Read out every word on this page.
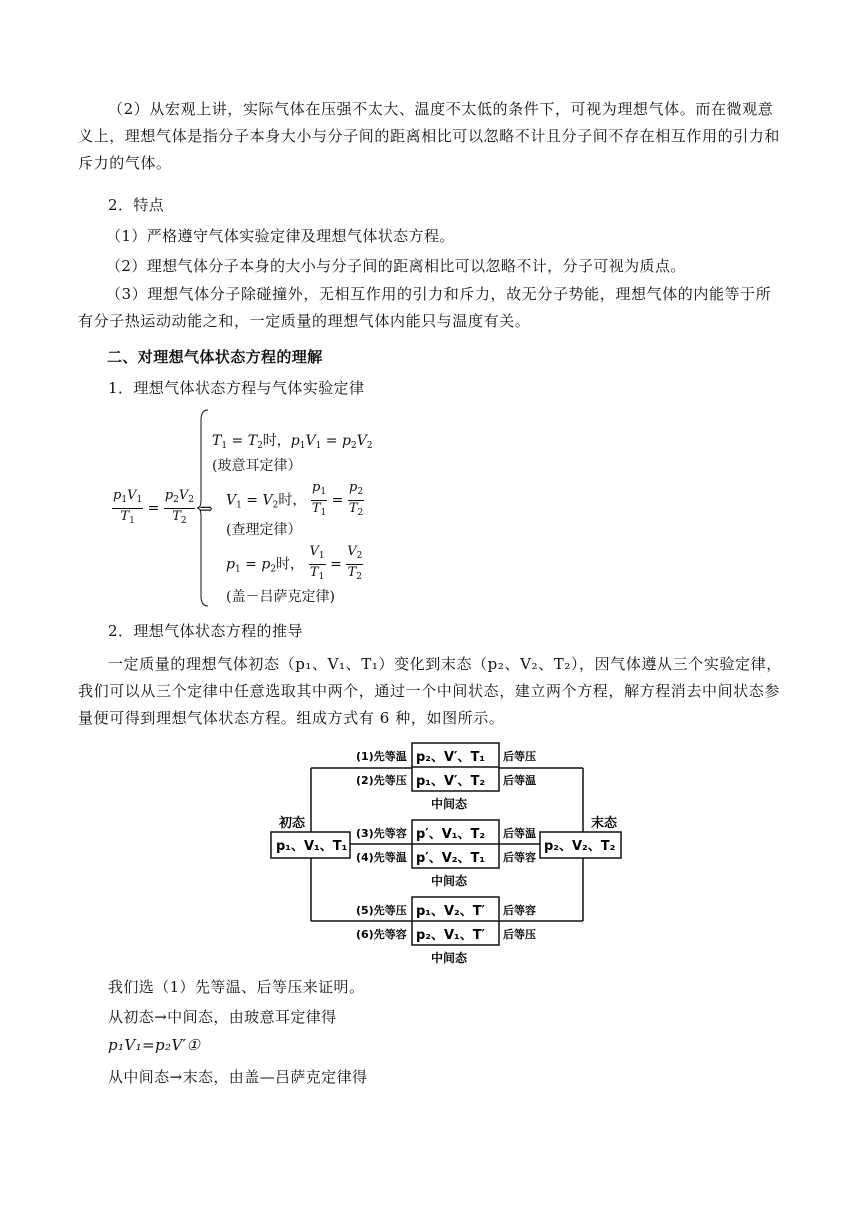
（2）从宏观上讲，实际气体在压强不太大、温度不太低的条件下，可视为理想气体。而在微观意义上，理想气体是指分子本身大小与分子间的距离相比可以忽略不计且分子间不存在相互作用的引力和斥力的气体。
2．特点
（1）严格遵守气体实验定律及理想气体状态方程。
（2）理想气体分子本身的大小与分子间的距离相比可以忽略不计，分子可视为质点。
（3）理想气体分子除碰撞外，无相互作用的引力和斥力，故无分子势能，理想气体的内能等于所有分子热运动动能之和，一定质量的理想气体内能只与温度有关。
二、对理想气体状态方程的理解
1．理想气体状态方程与气体实验定律
$\frac{p_1V_1}{T_1} = \frac{p_2V_2}{T_2}$ ⇒
$T_1 = T_2$时，$p_1V_1 = p_2V_2$
(玻意耳定律）
$V_1 = V_2$时， $\frac{p_1}{T_1} = \frac{p_2}{T_2}$
(查理定律）
$p_1 = p_2$时， $\frac{V_1}{T_1} = \frac{V_2}{T_2}$
(盖－吕萨克定律)
2．理想气体状态方程的推导
一定质量的理想气体初态（p₁、V₁、T₁）变化到末态（p₂、V₂、T₂），因气体遵从三个实验定律，我们可以从三个定律中任意选取其中两个，通过一个中间状态，建立两个方程，解方程消去中间状态参量便可得到理想气体状态方程。组成方式有 6 种，如图所示。
初态	末态
p₁、V₁、T₁	p₂、V₂、T₂
(1)先等温 p₂、V′、T₁ 后等压
(2)先等压 p₁、V′、T₂ 后等温
中间态
(3)先等容 p′、V₁、T₂ 后等温
(4)先等温 p′、V₂、T₁ 后等容
中间态
(5)先等压 p₁、V₂、T′ 后等容
(6)先等容 p₂、V₁、T′ 后等压
中间态
我们选（1）先等温、后等压来证明。
从初态→中间态，由玻意耳定律得
p₁V₁=p₂V′①
从中间态→末态，由盖—吕萨克定律得
